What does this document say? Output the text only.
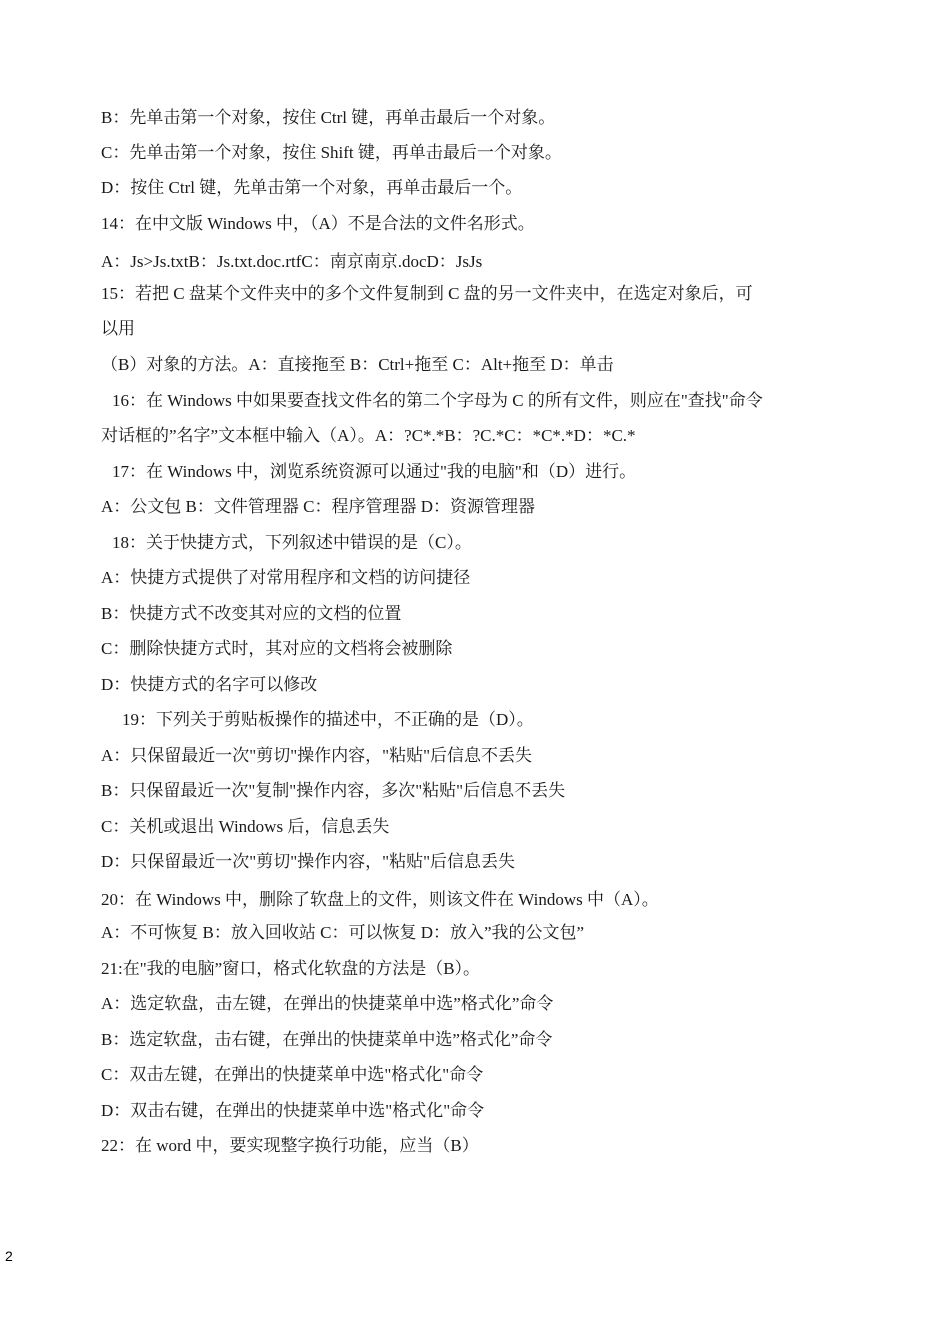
B：先单击第一个对象，按住 Ctrl 键，再单击最后一个对象。
C：先单击第一个对象，按住 Shift 键，再单击最后一个对象。
D：按住 Ctrl 键，先单击第一个对象，再单击最后一个。
14：在中文版 Windows 中，（A）不是合法的文件名形式。
A：Js>Js.txtB：Js.txt.doc.rtfC：南京南京.docD：JsJs
15：若把 C 盘某个文件夹中的多个文件复制到 C 盘的另一文件夹中，在选定对象后，可
以用
（B）对象的方法。A：直接拖至 B：Ctrl+拖至 C：Alt+拖至 D：单击
16：在 Windows 中如果要查找文件名的第二个字母为 C 的所有文件，则应在"查找"命令
对话框的”名字”文本框中输入（A）。A：?C*.*B：?C.*C：*C*.*D：*C.*
17：在 Windows 中，浏览系统资源可以通过"我的电脑"和（D）进行。
A：公文包 B：文件管理器 C：程序管理器 D：资源管理器
18：关于快捷方式，下列叙述中错误的是（C）。
A：快捷方式提供了对常用程序和文档的访问捷径
B：快捷方式不改变其对应的文档的位置
C：删除快捷方式时，其对应的文档将会被删除
D：快捷方式的名字可以修改
19：下列关于剪贴板操作的描述中，不正确的是（D）。
A：只保留最近一次"剪切"操作内容，"粘贴"后信息不丢失
B：只保留最近一次"复制"操作内容，多次"粘贴"后信息不丢失
C：关机或退出 Windows 后，信息丢失
D：只保留最近一次"剪切"操作内容，"粘贴"后信息丢失
20：在 Windows 中，删除了软盘上的文件，则该文件在 Windows 中（A）。
A：不可恢复 B：放入回收站 C：可以恢复 D：放入”我的公文包”
21:在"我的电脑”窗口，格式化软盘的方法是（B）。
A：选定软盘，击左键，在弹出的快捷菜单中选”格式化”命令
B：选定软盘，击右键，在弹出的快捷菜单中选”格式化”命令
C：双击左键，在弹出的快捷菜单中选"格式化"命令
D：双击右键，在弹出的快捷菜单中选"格式化"命令
22：在 word 中，要实现整字换行功能，应当（B）
2
